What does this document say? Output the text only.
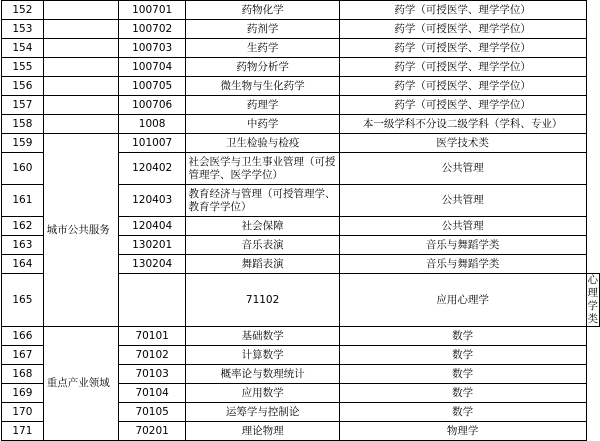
152		100701	药物化学	药学（可授医学、理学学位）	
153		100702	药剂学	药学（可授医学、理学学位）	
154		100703	生药学	药学（可授医学、理学学位）	
155		100704	药物分析学	药学（可授医学、理学学位）	
156		100705	微生物与生化药学	药学（可授医学、理学学位）	
157		100706	药理学	药学（可授医学、理学学位）	
158		1008	中药学	本一级学科不分设二级学科（学科、专业）	
159	城市公共服务	101007	卫生检验与检疫	医学技术类	
160		120402	社会医学与卫生事业管理（可授管理学、医学学位）	公共管理	
161		120403	教育经济与管理（可授管理学、教育学学位）	公共管理	
162		120404	社会保障	公共管理	
163		130201	音乐表演	音乐与舞蹈学类	
164		130204	舞蹈表演	音乐与舞蹈学类	
165			71102	应用心理学	心理学类
166	重点产业领域	70101	基础数学	数学	
167		70102	计算数学	数学	
168		70103	概率论与数理统计	数学	
169		70104	应用数学	数学	
170		70105	运筹学与控制论	数学	
171		70201	理论物理	物理学	
